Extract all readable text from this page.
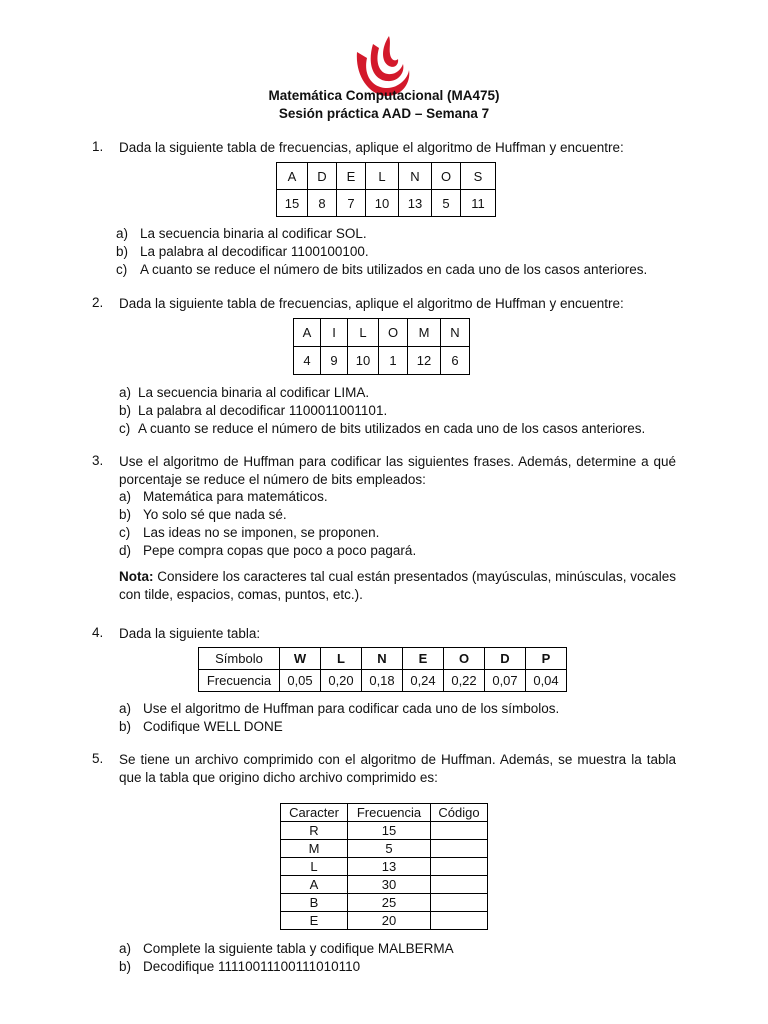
Matemática Computacional (MA475)
Sesión práctica AAD – Semana 7
1. Dada la siguiente tabla de frecuencias, aplique el algoritmo de Huffman y encuentre:
A	D	E	L	N	O	S
15	8	7	10	13	5	11
a) La secuencia binaria al codificar SOL.
b) La palabra al decodificar 1100100100.
c) A cuanto se reduce el número de bits utilizados en cada uno de los casos anteriores.
2. Dada la siguiente tabla de frecuencias, aplique el algoritmo de Huffman y encuentre:
A	I	L	O	M	N
4	9	10	1	12	6
a) La secuencia binaria al codificar LIMA.
b) La palabra al decodificar 1100011001101.
c) A cuanto se reduce el número de bits utilizados en cada uno de los casos anteriores.
3. Use el algoritmo de Huffman para codificar las siguientes frases. Además, determine a qué porcentaje se reduce el número de bits empleados:
a) Matemática para matemáticos.
b) Yo solo sé que nada sé.
c) Las ideas no se imponen, se proponen.
d) Pepe compra copas que poco a poco pagará.
Nota: Considere los caracteres tal cual están presentados (mayúsculas, minúsculas, vocales con tilde, espacios, comas, puntos, etc.).
4. Dada la siguiente tabla:
Símbolo	W	L	N	E	O	D	P
Frecuencia	0,05	0,20	0,18	0,24	0,22	0,07	0,04
a) Use el algoritmo de Huffman para codificar cada uno de los símbolos.
b) Codifique WELL DONE
5. Se tiene un archivo comprimido con el algoritmo de Huffman. Además, se muestra la tabla que la tabla que origino dicho archivo comprimido es:
Caracter	Frecuencia	Código
R	15	
M	5	
L	13	
A	30	
B	25	
E	20	
a) Complete la siguiente tabla y codifique MALBERMA
b) Decodifique 11110011100111010110
